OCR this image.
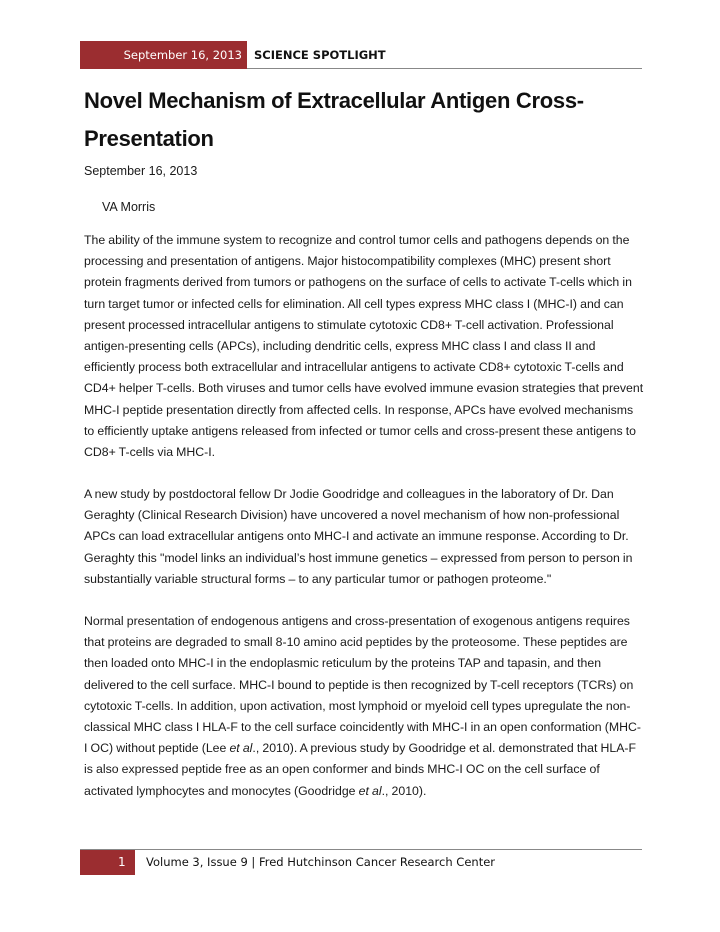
September 16, 2013	SCIENCE SPOTLIGHT
Novel Mechanism of Extracellular Antigen Cross-Presentation
September 16, 2013
VA Morris

The ability of the immune system to recognize and control tumor cells and pathogens depends on the processing and presentation of antigens. Major histocompatibility complexes (MHC) present short protein fragments derived from tumors or pathogens on the surface of cells to activate T-cells which in turn target tumor or infected cells for elimination. All cell types express MHC class I (MHC-I) and can present processed intracellular antigens to stimulate cytotoxic CD8+ T-cell activation. Professional antigen-presenting cells (APCs), including dendritic cells, express MHC class I and class II and efficiently process both extracellular and intracellular antigens to activate CD8+ cytotoxic T-cells and CD4+ helper T-cells. Both viruses and tumor cells have evolved immune evasion strategies that prevent MHC-I peptide presentation directly from affected cells. In response, APCs have evolved mechanisms to efficiently uptake antigens released from infected or tumor cells and cross-present these antigens to CD8+ T-cells via MHC-I.

A new study by postdoctoral fellow Dr Jodie Goodridge and colleagues in the laboratory of Dr. Dan Geraghty (Clinical Research Division) have uncovered a novel mechanism of how non-professional APCs can load extracellular antigens onto MHC-I and activate an immune response. According to Dr. Geraghty this "model links an individual’s host immune genetics – expressed from person to person in substantially variable structural forms – to any particular tumor or pathogen proteome."

Normal presentation of endogenous antigens and cross-presentation of exogenous antigens requires that proteins are degraded to small 8-10 amino acid peptides by the proteosome. These peptides are then loaded onto MHC-I in the endoplasmic reticulum by the proteins TAP and tapasin, and then delivered to the cell surface. MHC-I bound to peptide is then recognized by T-cell receptors (TCRs) on cytotoxic T-cells. In addition, upon activation, most lymphoid or myeloid cell types upregulate the non-classical MHC class I HLA-F to the cell surface coincidently with MHC-I in an open conformation (MHC-I OC) without peptide (Lee et al., 2010). A previous study by Goodridge et al. demonstrated that HLA-F is also expressed peptide free as an open conformer and binds MHC-I OC on the cell surface of activated lymphocytes and monocytes (Goodridge et al., 2010).

1 Volume 3, Issue 9 | Fred Hutchinson Cancer Research Center
